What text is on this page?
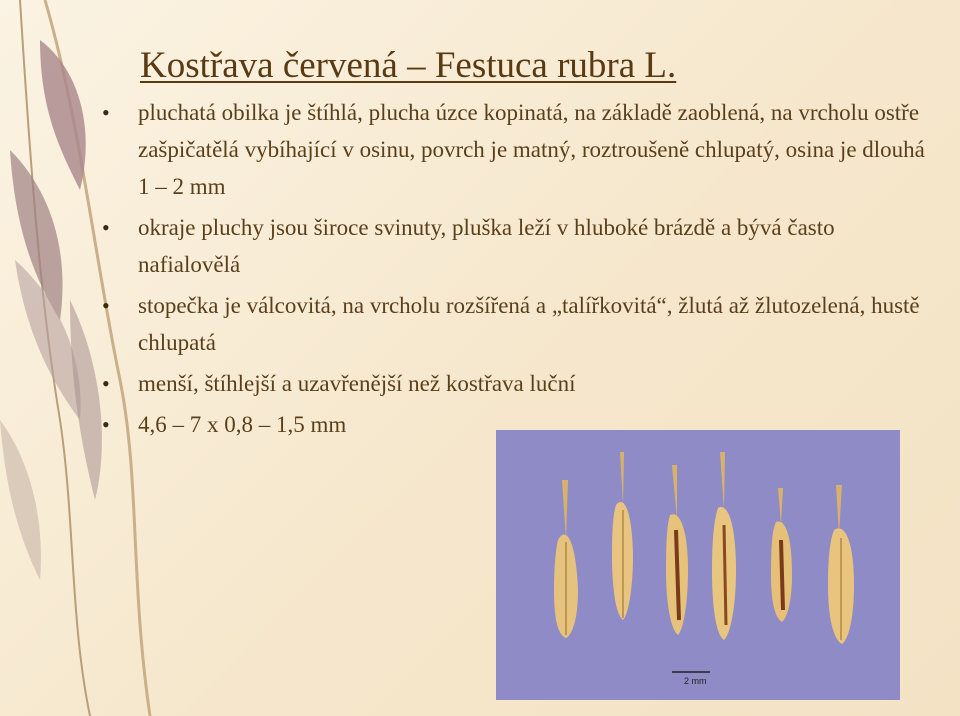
Kostřava červená – Festuca rubra L.
• pluchatá obilka je štíhlá, plucha úzce kopinatá, na základě zaoblená, na vrcholu ostře zašpičatělá vybíhající v osinu, povrch je matný, roztroušeně chlupatý, osina je dlouhá 1 – 2 mm
• okraje pluchy jsou široce svinuty, pluška leží v hluboké brázdě a bývá často nafialovělá
• stopečka je válcovitá, na vrcholu rozšířená a „talířkovitá“, žlutá až žlutozelená, hustě chlupatá
• menší, štíhlejší a uzavřenější než kostřava luční
• 4,6 – 7 x 0,8 – 1,5 mm
2 mm
